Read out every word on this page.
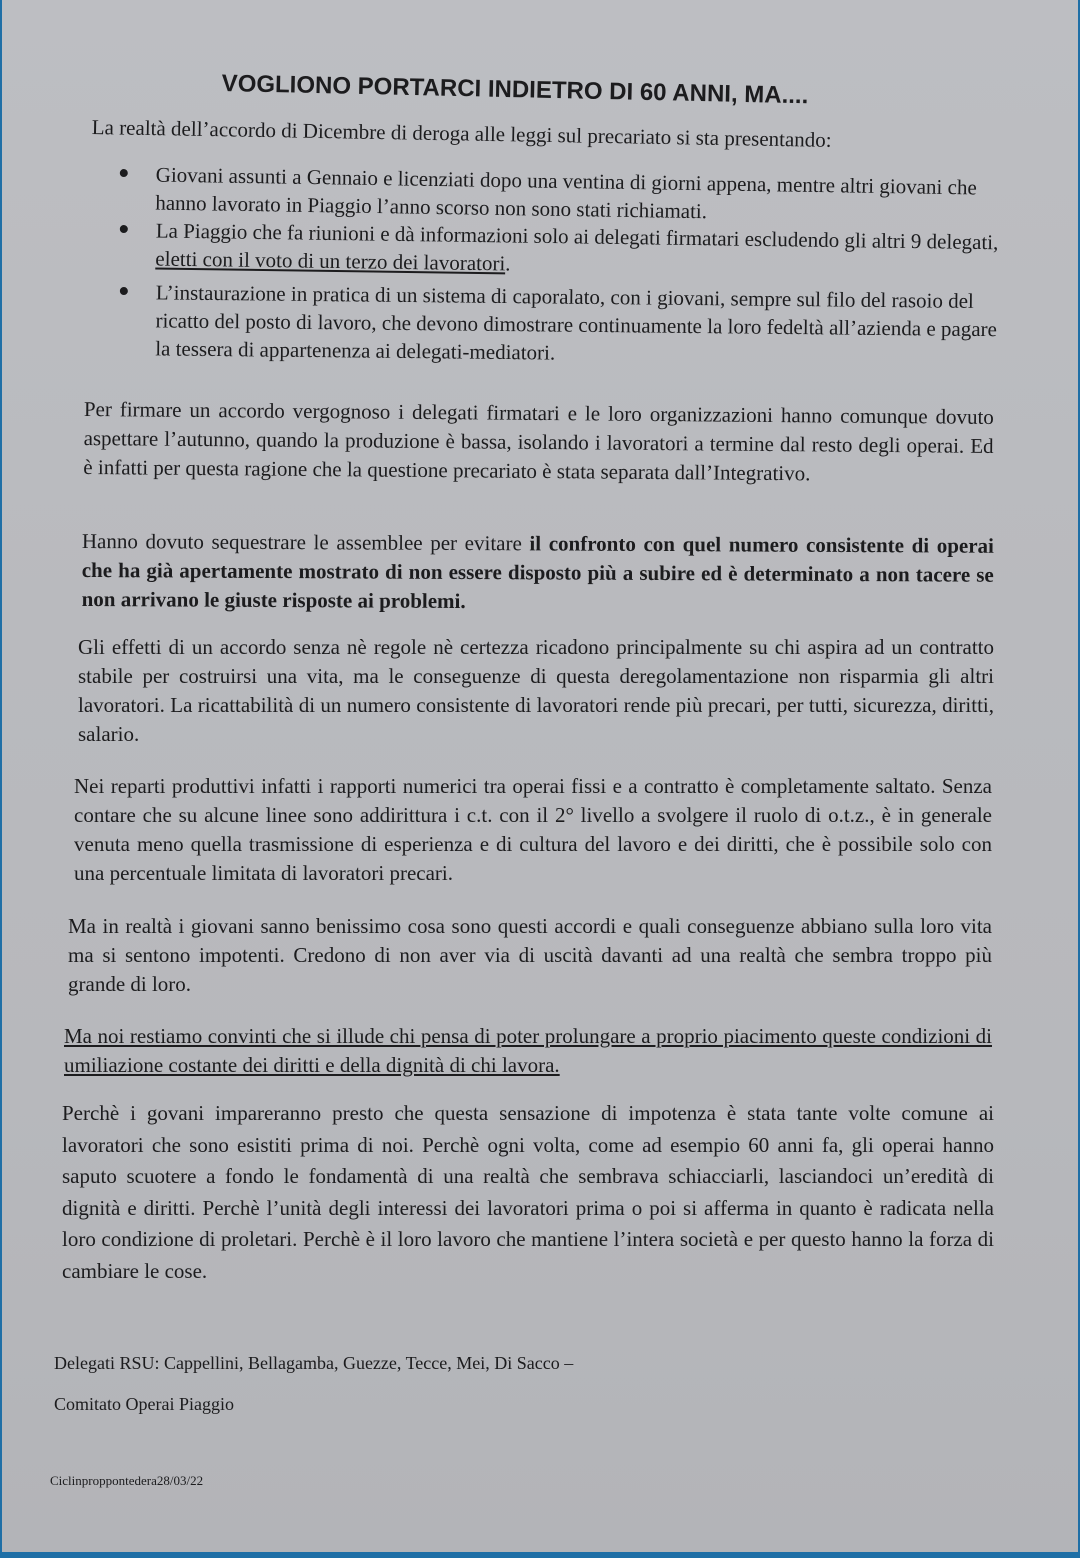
VOGLIONO PORTARCI INDIETRO DI 60 ANNI, MA....
La realtà dell’accordo di Dicembre di deroga alle leggi sul precariato si sta presentando:
Giovani assunti a Gennaio e licenziati dopo una ventina di giorni appena, mentre altri giovani che hanno lavorato in Piaggio l’anno scorso non sono stati richiamati.
La Piaggio che fa riunioni e dà informazioni solo ai delegati firmatari escludendo gli altri 9 delegati, eletti con il voto di un terzo dei lavoratori.
L’instaurazione in pratica di un sistema di caporalato, con i giovani, sempre sul filo del rasoio del ricatto del posto di lavoro, che devono dimostrare continuamente la loro fedeltà all’azienda e pagare la tessera di appartenenza ai delegati-mediatori.
Per firmare un accordo vergognoso i delegati firmatari e le loro organizzazioni hanno comunque dovuto aspettare l’autunno, quando la produzione è bassa, isolando i lavoratori a termine dal resto degli operai. Ed è infatti per questa ragione che la questione precariato è stata separata dall’Integrativo.
Hanno dovuto sequestrare le assemblee per evitare il confronto con quel numero consistente di operai che ha già apertamente mostrato di non essere disposto più a subire ed è determinato a non tacere se non arrivano le giuste risposte ai problemi.
Gli effetti di un accordo senza nè regole nè certezza ricadono principalmente su chi aspira ad un contratto stabile per costruirsi una vita, ma le conseguenze di questa deregolamentazione non risparmia gli altri lavoratori. La ricattabilità di un numero consistente di lavoratori rende più precari, per tutti, sicurezza, diritti, salario.
Nei reparti produttivi infatti i rapporti numerici tra operai fissi e a contratto è completamente saltato. Senza contare che su alcune linee sono addirittura i c.t. con il 2° livello a svolgere il ruolo di o.t.z., è in generale venuta meno quella trasmissione di esperienza e di cultura del lavoro e dei diritti, che è possibile solo con una percentuale limitata di lavoratori precari.
Ma in realtà i giovani sanno benissimo cosa sono questi accordi e quali conseguenze abbiano sulla loro vita ma si sentono impotenti. Credono di non aver via di uscità davanti ad una realtà che sembra troppo più grande di loro.
Ma noi restiamo convinti che si illude chi pensa di poter prolungare a proprio piacimento queste condizioni di umiliazione costante dei diritti e della dignità di chi lavora.
Perchè i govani impareranno presto che questa sensazione di impotenza è stata tante volte comune ai lavoratori che sono esistiti prima di noi. Perchè ogni volta, come ad esempio 60 anni fa, gli operai hanno saputo scuotere a fondo le fondamentà di una realtà che sembrava schiacciarli, lasciandoci un’eredità di dignità e diritti. Perchè l’unità degli interessi dei lavoratori prima o poi si afferma in quanto è radicata nella loro condizione di proletari. Perchè è il loro lavoro che mantiene l’intera società e per questo hanno la forza di cambiare le cose.
Delegati RSU: Cappellini, Bellagamba, Guezze, Tecce, Mei, Di Sacco –
Comitato Operai Piaggio
Ciclinproppontedera28/03/22
